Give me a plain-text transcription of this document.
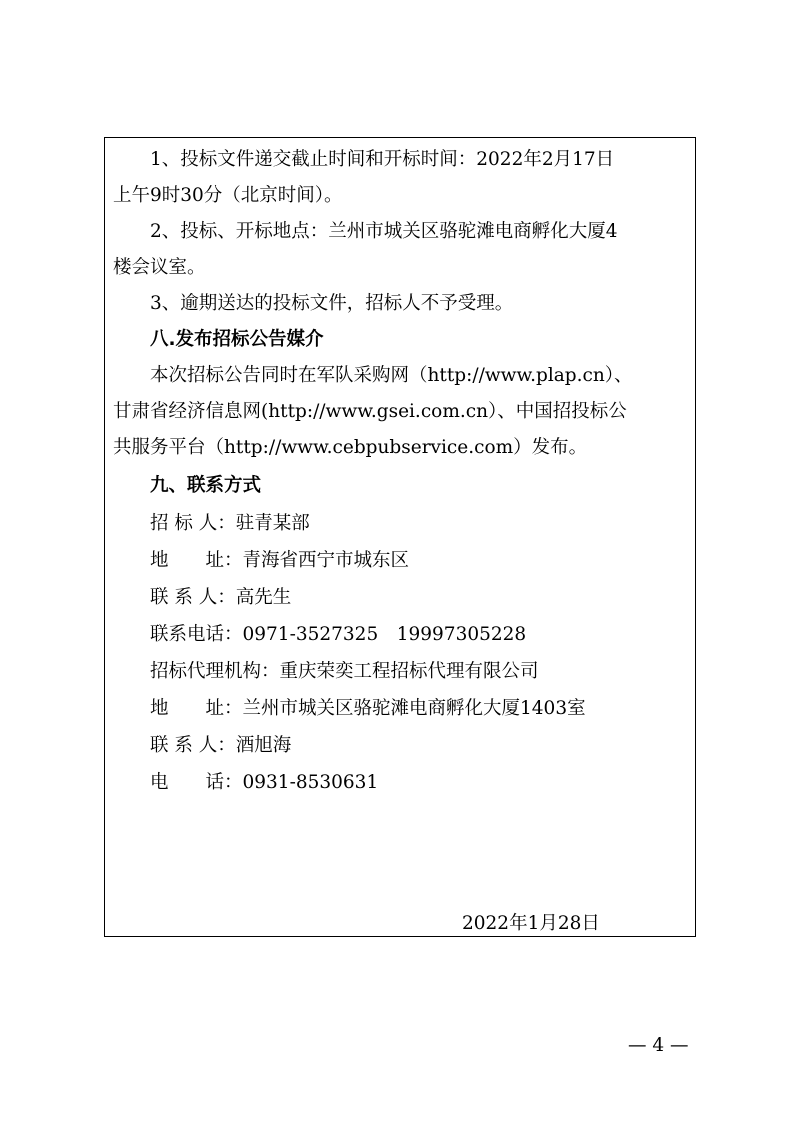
1、投标文件递交截止时间和开标时间：2022年2月17日
上午9时30分（北京时间）。
2、投标、开标地点：兰州市城关区骆驼滩电商孵化大厦4
楼会议室。
3、逾期送达的投标文件，招标人不予受理。
八.发布招标公告媒介
本次招标公告同时在军队采购网（http://www.plap.cn）、
甘肃省经济信息网(http://www.gsei.com.cn）、中国招投标公
共服务平台（http://www.cebpubservice.com）发布。
九、联系方式
招 标 人：驻青某部
地　　址：青海省西宁市城东区
联 系 人：高先生
联系电话：0971-3527325　19997305228
招标代理机构：重庆荣奕工程招标代理有限公司
地　　址：兰州市城关区骆驼滩电商孵化大厦1403室
联 系 人：酒旭海
电　　话：0931-8530631
2022年1月28日
— 4 —
